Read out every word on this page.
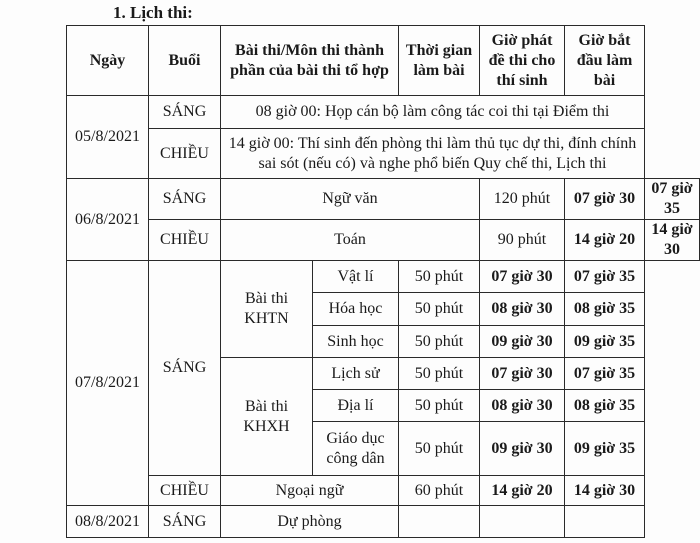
1. Lịch thi:
Ngày	Buổi	Bài thi/Môn thi thành phần của bài thi tổ hợp		Thời gian làm bài	Giờ phát đề thi cho thí sinh	Giờ bắt đầu làm bài	
05/8/2021	SÁNG	08 giờ 00: Họp cán bộ làm công tác coi thi tại Điểm thi					
	CHIỀU	14 giờ 00: Thí sinh đến phòng thi làm thủ tục dự thi, đính chính sai sót (nếu có) và nghe phổ biến Quy chế thi, Lịch thi					
06/8/2021	SÁNG	Ngữ văn			120 phút	07 giờ 30	07 giờ 35
	CHIỀU	Toán			90 phút	14 giờ 20	14 giờ 30
07/8/2021	SÁNG	Bài thi KHTN	Vật lí	50 phút	07 giờ 30	07 giờ 35	
			Hóa học	50 phút	08 giờ 30	08 giờ 35	
			Sinh học	50 phút	09 giờ 30	09 giờ 35	
		Bài thi KHXH	Lịch sử	50 phút	07 giờ 30	07 giờ 35	
			Địa lí	50 phút	08 giờ 30	08 giờ 35	
			Giáo dục công dân	50 phút	09 giờ 30	09 giờ 35	
	CHIỀU	Ngoại ngữ		60 phút	14 giờ 20	14 giờ 30	
08/8/2021	SÁNG	Dự phòng					
